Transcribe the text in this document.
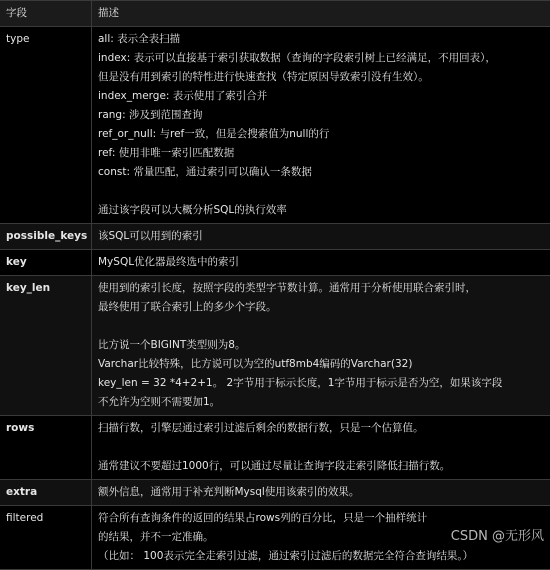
字段	描述
type	all: 表示全表扫描
index: 表示可以直接基于索引获取数据（查询的字段索引树上已经满足，不用回表），
但是没有用到索引的特性进行快速查找（特定原因导致索引没有生效）。
index_merge: 表示使用了索引合并
rang: 涉及到范围查询
ref_or_null: 与ref一致，但是会搜索值为null的行
ref: 使用非唯一索引匹配数据
const: 常量匹配，通过索引可以确认一条数据
通过该字段可以大概分析SQL的执行效率
possible_keys	该SQL可以用到的索引
key	MySQL优化器最终选中的索引
key_len	使用到的索引长度，按照字段的类型字节数计算。通常用于分析使用联合索引时，
最终使用了联合索引上的多少个字段。
比方说一个BIGINT类型则为8。
Varchar比较特殊，比方说可以为空的utf8mb4编码的Varchar(32)
key_len = 32 *4+2+1。 2字节用于标示长度，1字节用于标示是否为空，如果该字段
不允许为空则不需要加1。
rows	扫描行数，引擎层通过索引过滤后剩余的数据行数，只是一个估算值。
通常建议不要超过1000行，可以通过尽量让查询字段走索引降低扫描行数。
extra	额外信息，通常用于补充判断Mysql使用该索引的效果。
filtered	符合所有查询条件的返回的结果占rows列的百分比，只是一个抽样统计
的结果，并不一定准确。
（比如： 100表示完全走索引过滤，通过索引过滤后的数据完全符合查询结果。）
CSDN @无形风
